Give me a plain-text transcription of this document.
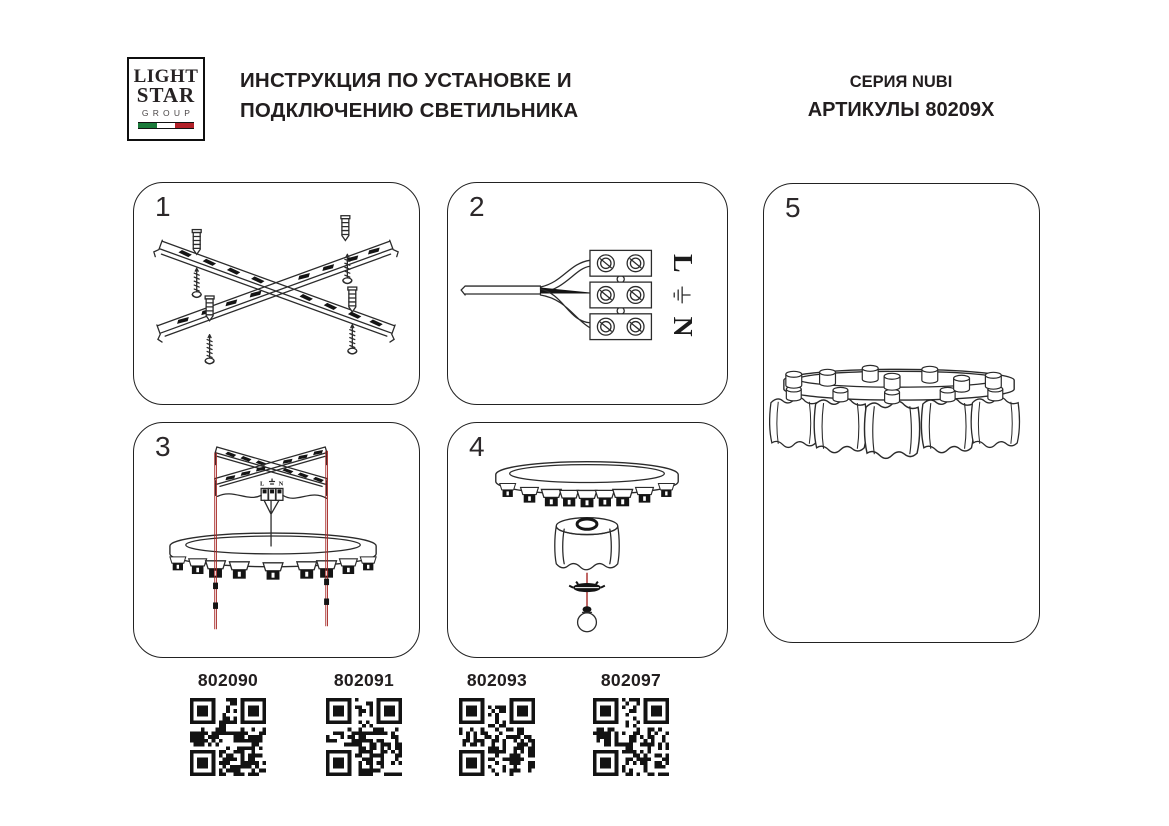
LIGHT
STAR
GROUP
ИНСТРУКЦИЯ ПО УСТАНОВКЕ И
ПОДКЛЮЧЕНИЮ СВЕТИЛЬНИКА
СЕРИЯ NUBI
АРТИКУЛЫ 80209X
1
L
N
2
L N
3	4
5
802090	802091	802093	802097
